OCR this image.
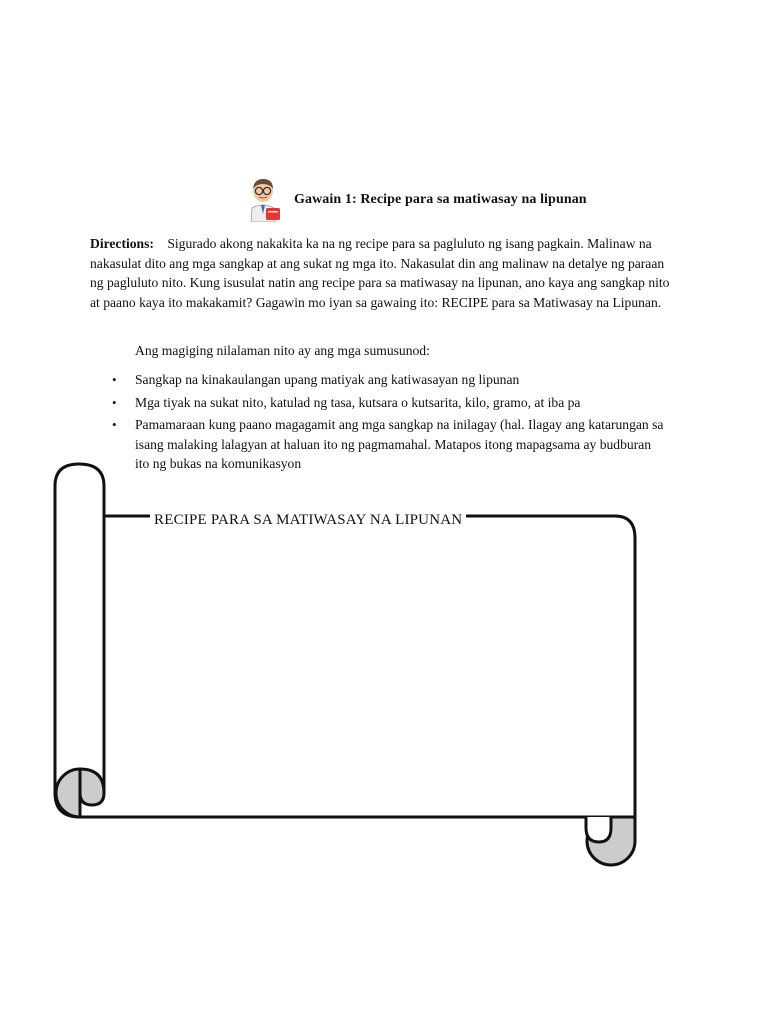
Gawain 1: Recipe para sa matiwasay na lipunan
Directions: Sigurado akong nakakita ka na ng recipe para sa pagluluto ng isang pagkain. Malinaw na nakasulat dito ang mga sangkap at ang sukat ng mga ito. Nakasulat din ang malinaw na detalye ng paraan ng pagluluto nito. Kung isusulat natin ang recipe para sa matiwasay na lipunan, ano kaya ang sangkap nito at paano kaya ito makakamit? Gagawin mo iyan sa gawaing ito: RECIPE para sa Matiwasay na Lipunan.
Ang magiging nilalaman nito ay ang mga sumusunod:
• Sangkap na kinakaulangan upang matiyak ang katiwasayan ng lipunan
• Mga tiyak na sukat nito, katulad ng tasa, kutsara o kutsarita, kilo, gramo, at iba pa
• Pamamaraan kung paano magagamit ang mga sangkap na inilagay (hal. Ilagay ang katarungan sa isang malaking lalagyan at haluan ito ng pagmamahal. Matapos itong mapagsama ay budburan ito ng bukas na komunikasyon
RECIPE PARA SA MATIWASAY NA LIPUNAN
